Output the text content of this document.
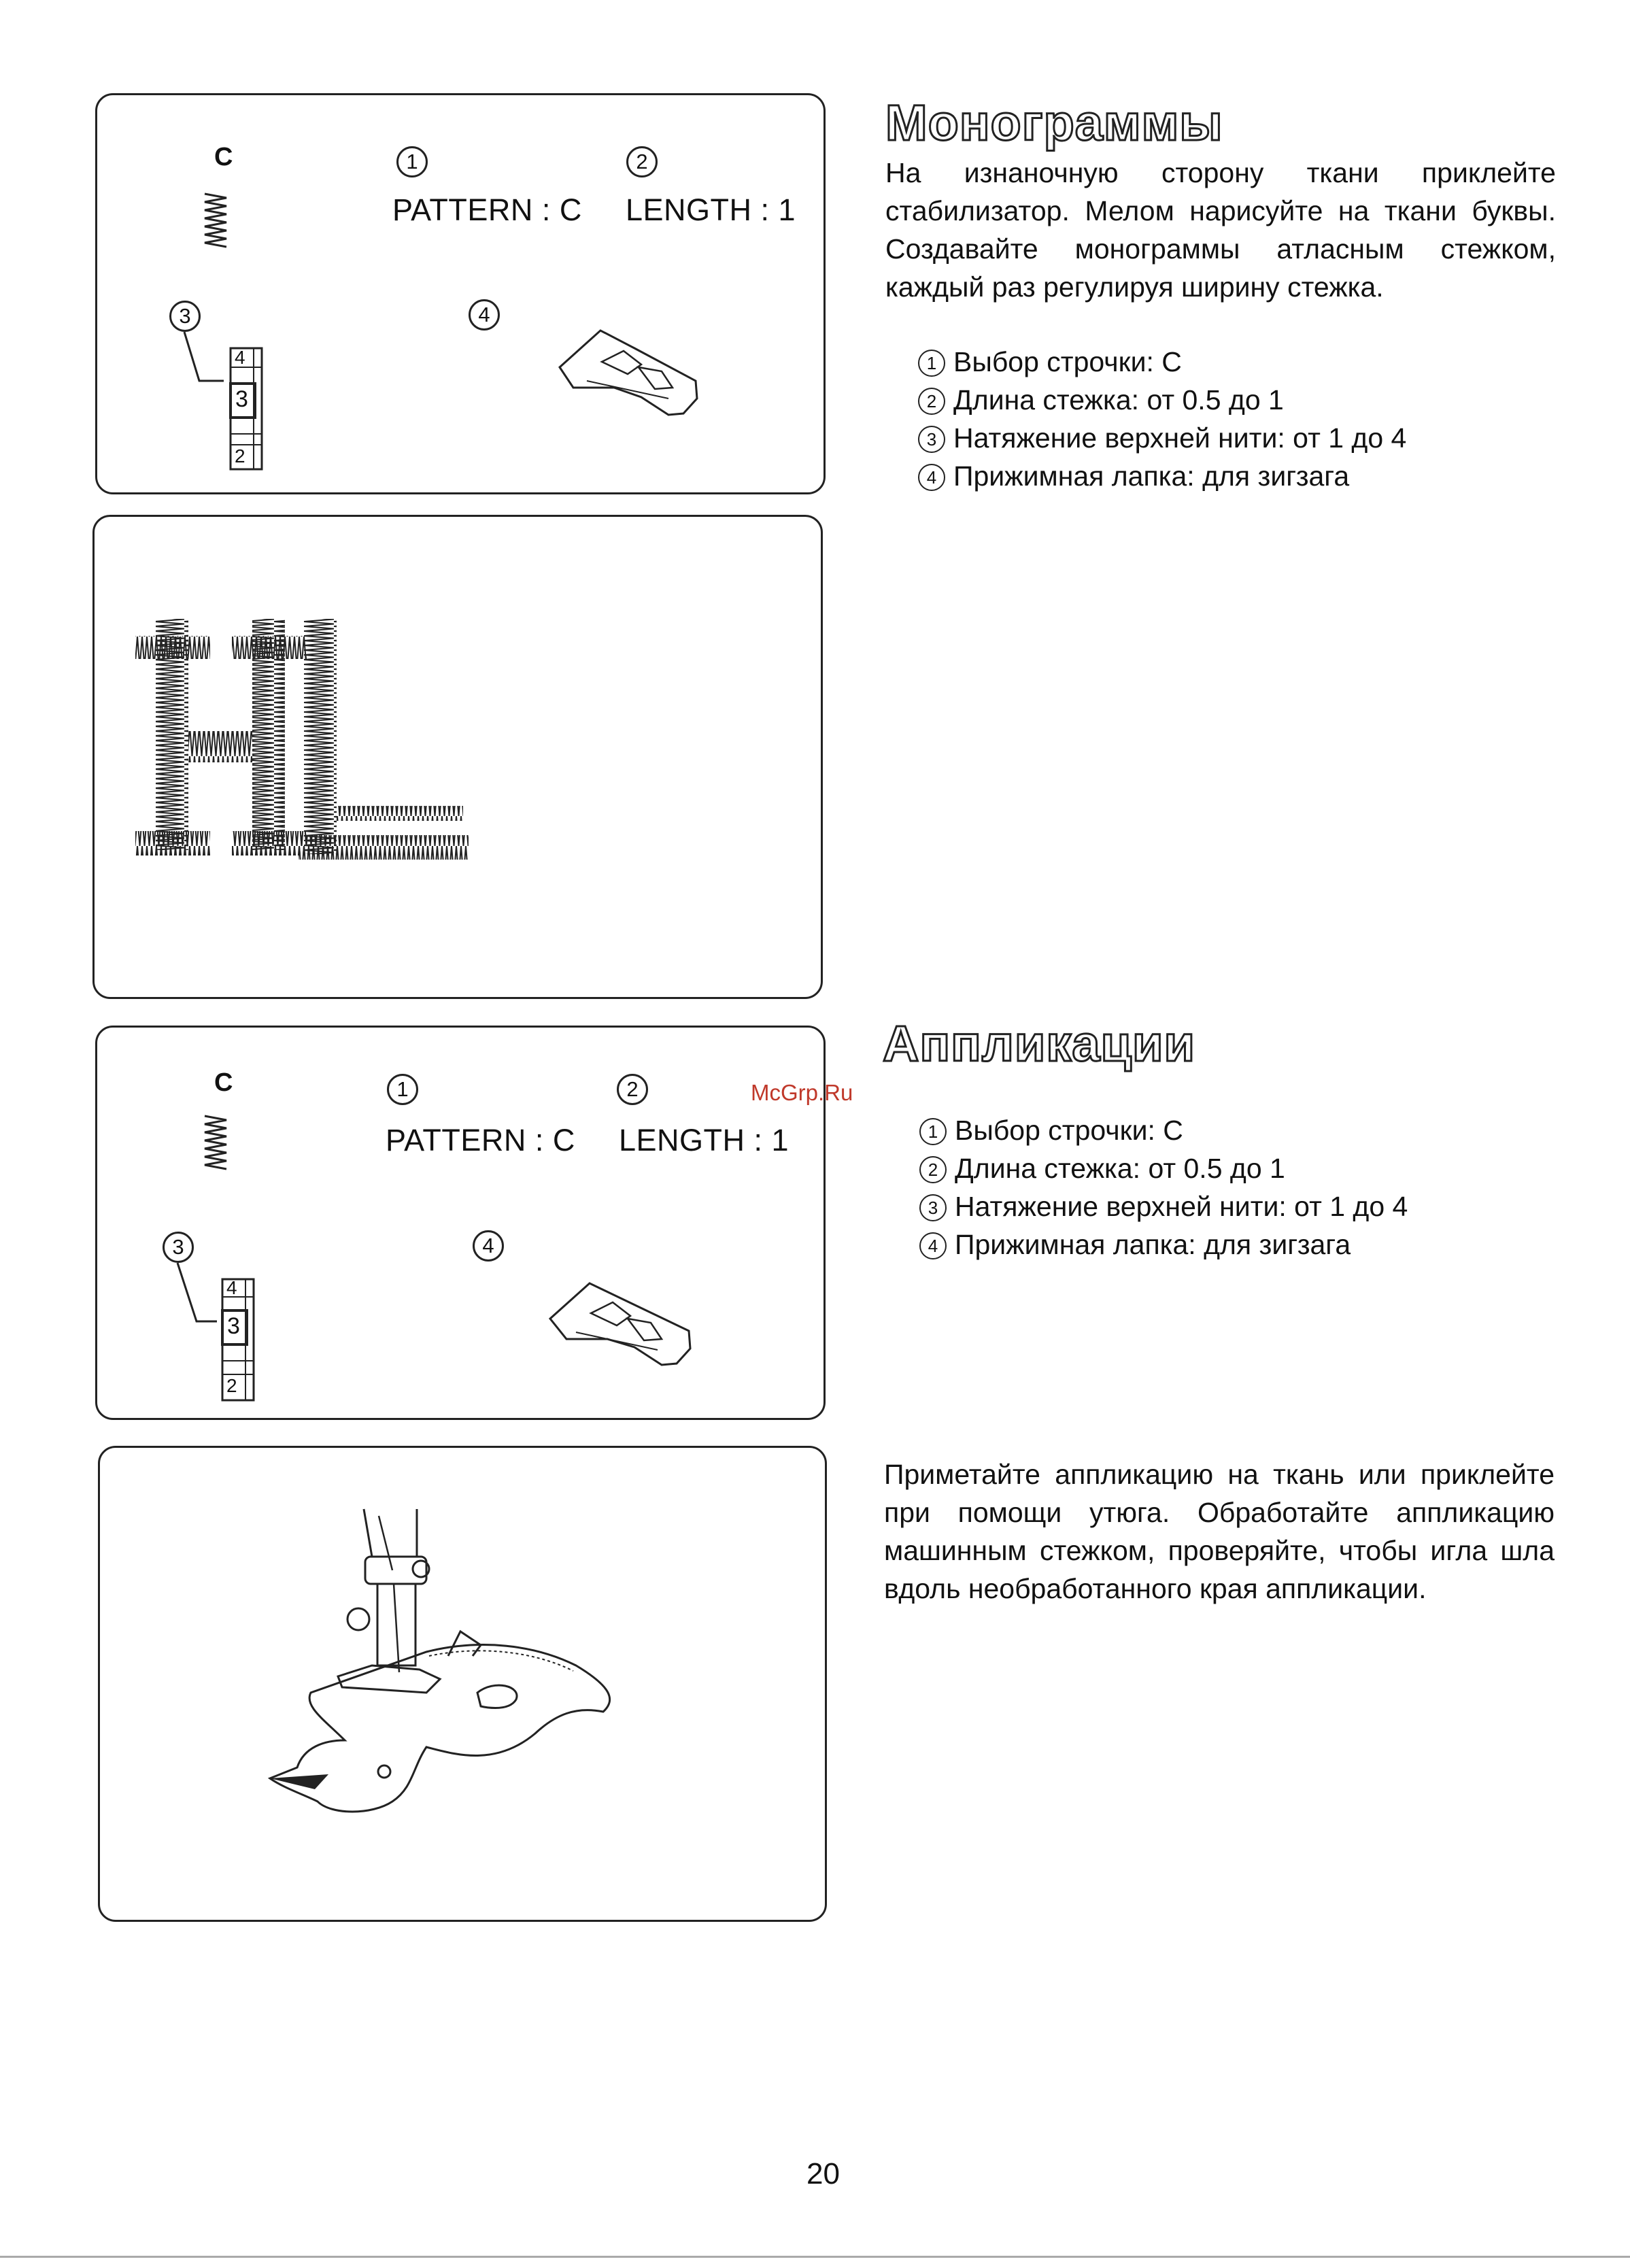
C	1	2
PATTERN : C LENGTH : 1
3	4
4
3
2
C	1	2
PATTERN : C LENGTH : 1
3	4
4
3
2
Монограммы
На изнаночную сторону ткани приклейте стабилизатор. Мелом нарисуйте на ткани буквы. Создавайте монограммы атласным стежком, каждый раз регулируя ширину стежка.
1 Выбор строчки: C
2 Длина стежка: от 0.5 до 1
3 Натяжение верхней нити: от 1 до 4
4 Прижимная лапка: для зигзага
Аппликации
McGrp.Ru
1 Выбор строчки: C
2 Длина стежка: от 0.5 до 1
3 Натяжение верхней нити: от 1 до 4
4 Прижимная лапка: для зигзага
Приметайте аппликацию на ткань или приклейте при помощи утюга. Обработайте аппликацию машинным стежком, проверяйте, чтобы игла шла вдоль необработанного края аппликации.
20
